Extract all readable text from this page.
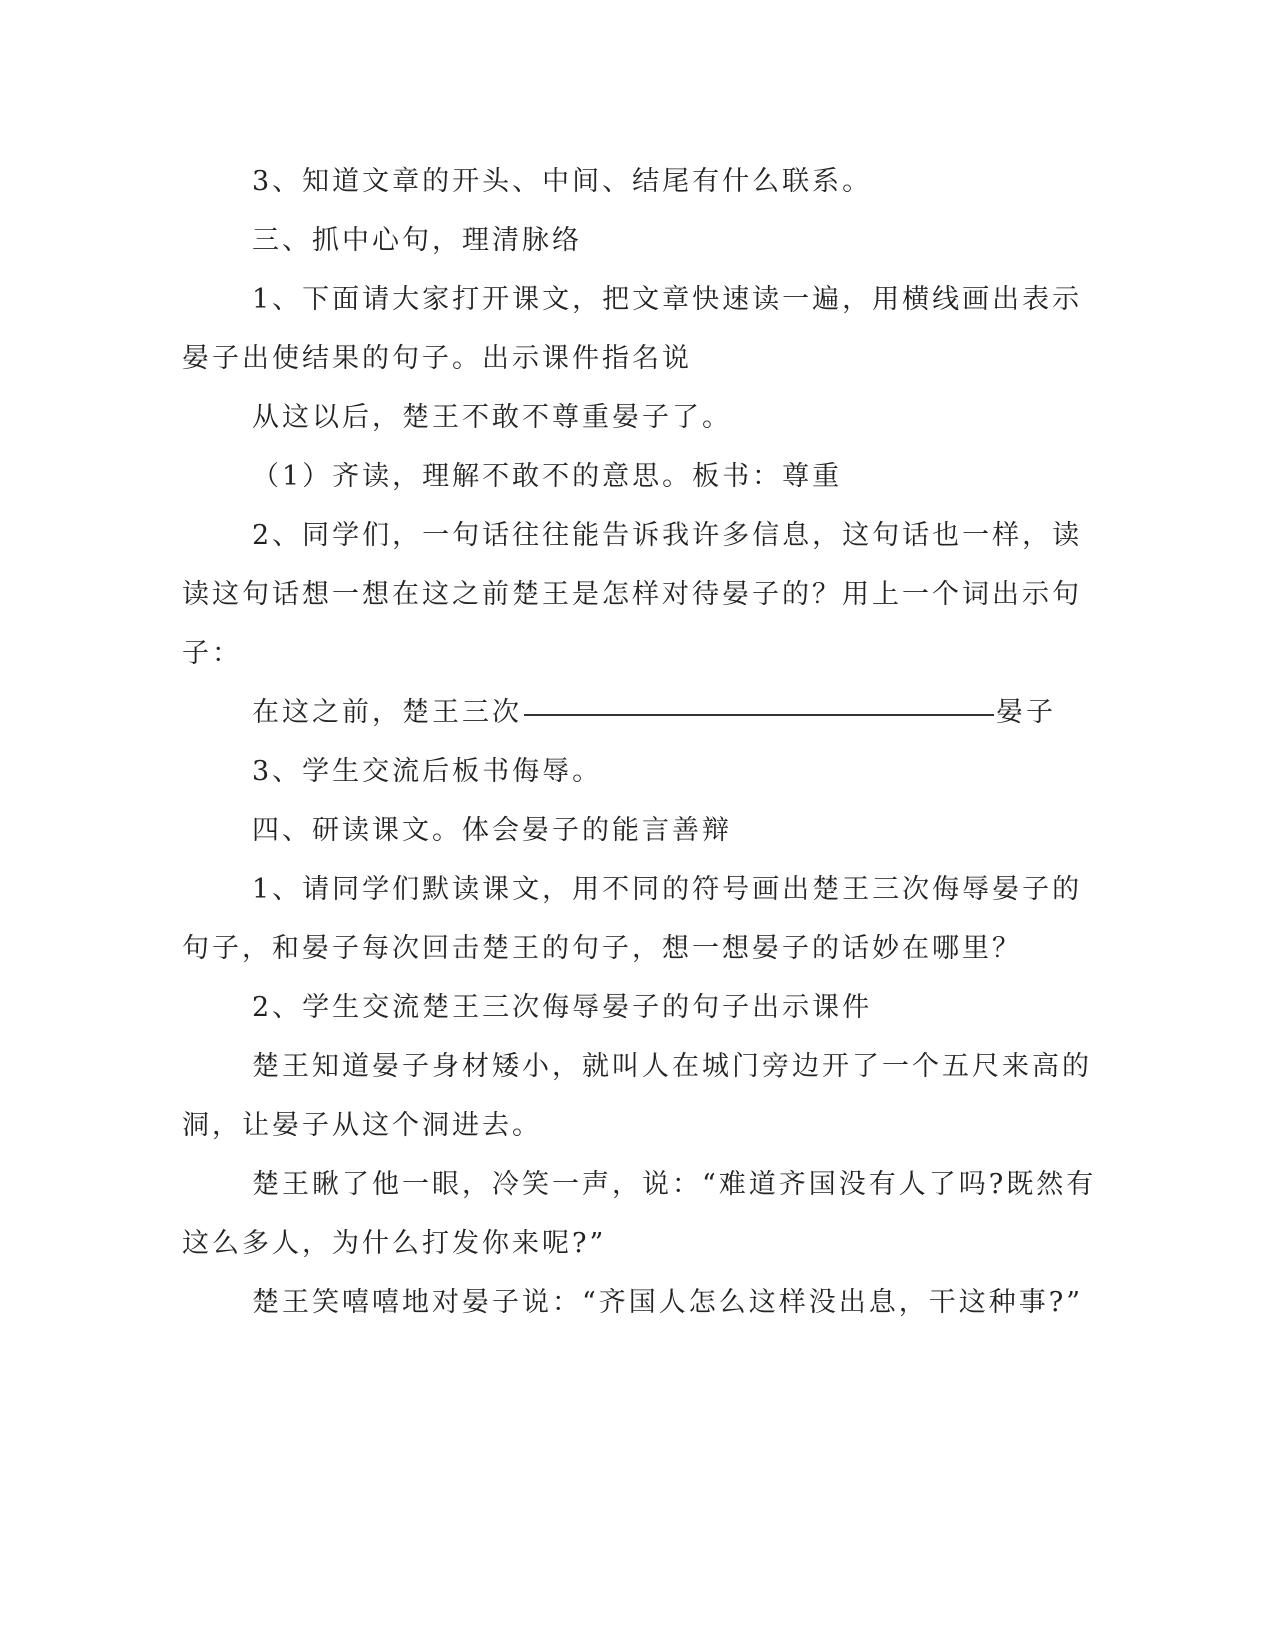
3、知道文章的开头、中间、结尾有什么联系。
三、抓中心句，理清脉络
1、下面请大家打开课文，把文章快速读一遍，用横线画出表示
晏子出使结果的句子。出示课件指名说
从这以后，楚王不敢不尊重晏子了。
（1）齐读，理解不敢不的意思。板书：尊重
2、同学们，一句话往往能告诉我许多信息，这句话也一样，读
读这句话想一想在这之前楚王是怎样对待晏子的？用上一个词出示句
子：
在这之前，楚王三次	晏子
3、学生交流后板书侮辱。
四、研读课文。体会晏子的能言善辩
1、请同学们默读课文，用不同的符号画出楚王三次侮辱晏子的
句子，和晏子每次回击楚王的句子，想一想晏子的话妙在哪里？
2、学生交流楚王三次侮辱晏子的句子出示课件
楚王知道晏子身材矮小，就叫人在城门旁边开了一个五尺来高的
洞，让晏子从这个洞进去。
楚王瞅了他一眼，冷笑一声，说：“难道齐国没有人了吗?既然有
这么多人，为什么打发你来呢?”
楚王笑嘻嘻地对晏子说：“齐国人怎么这样没出息，干这种事?”
